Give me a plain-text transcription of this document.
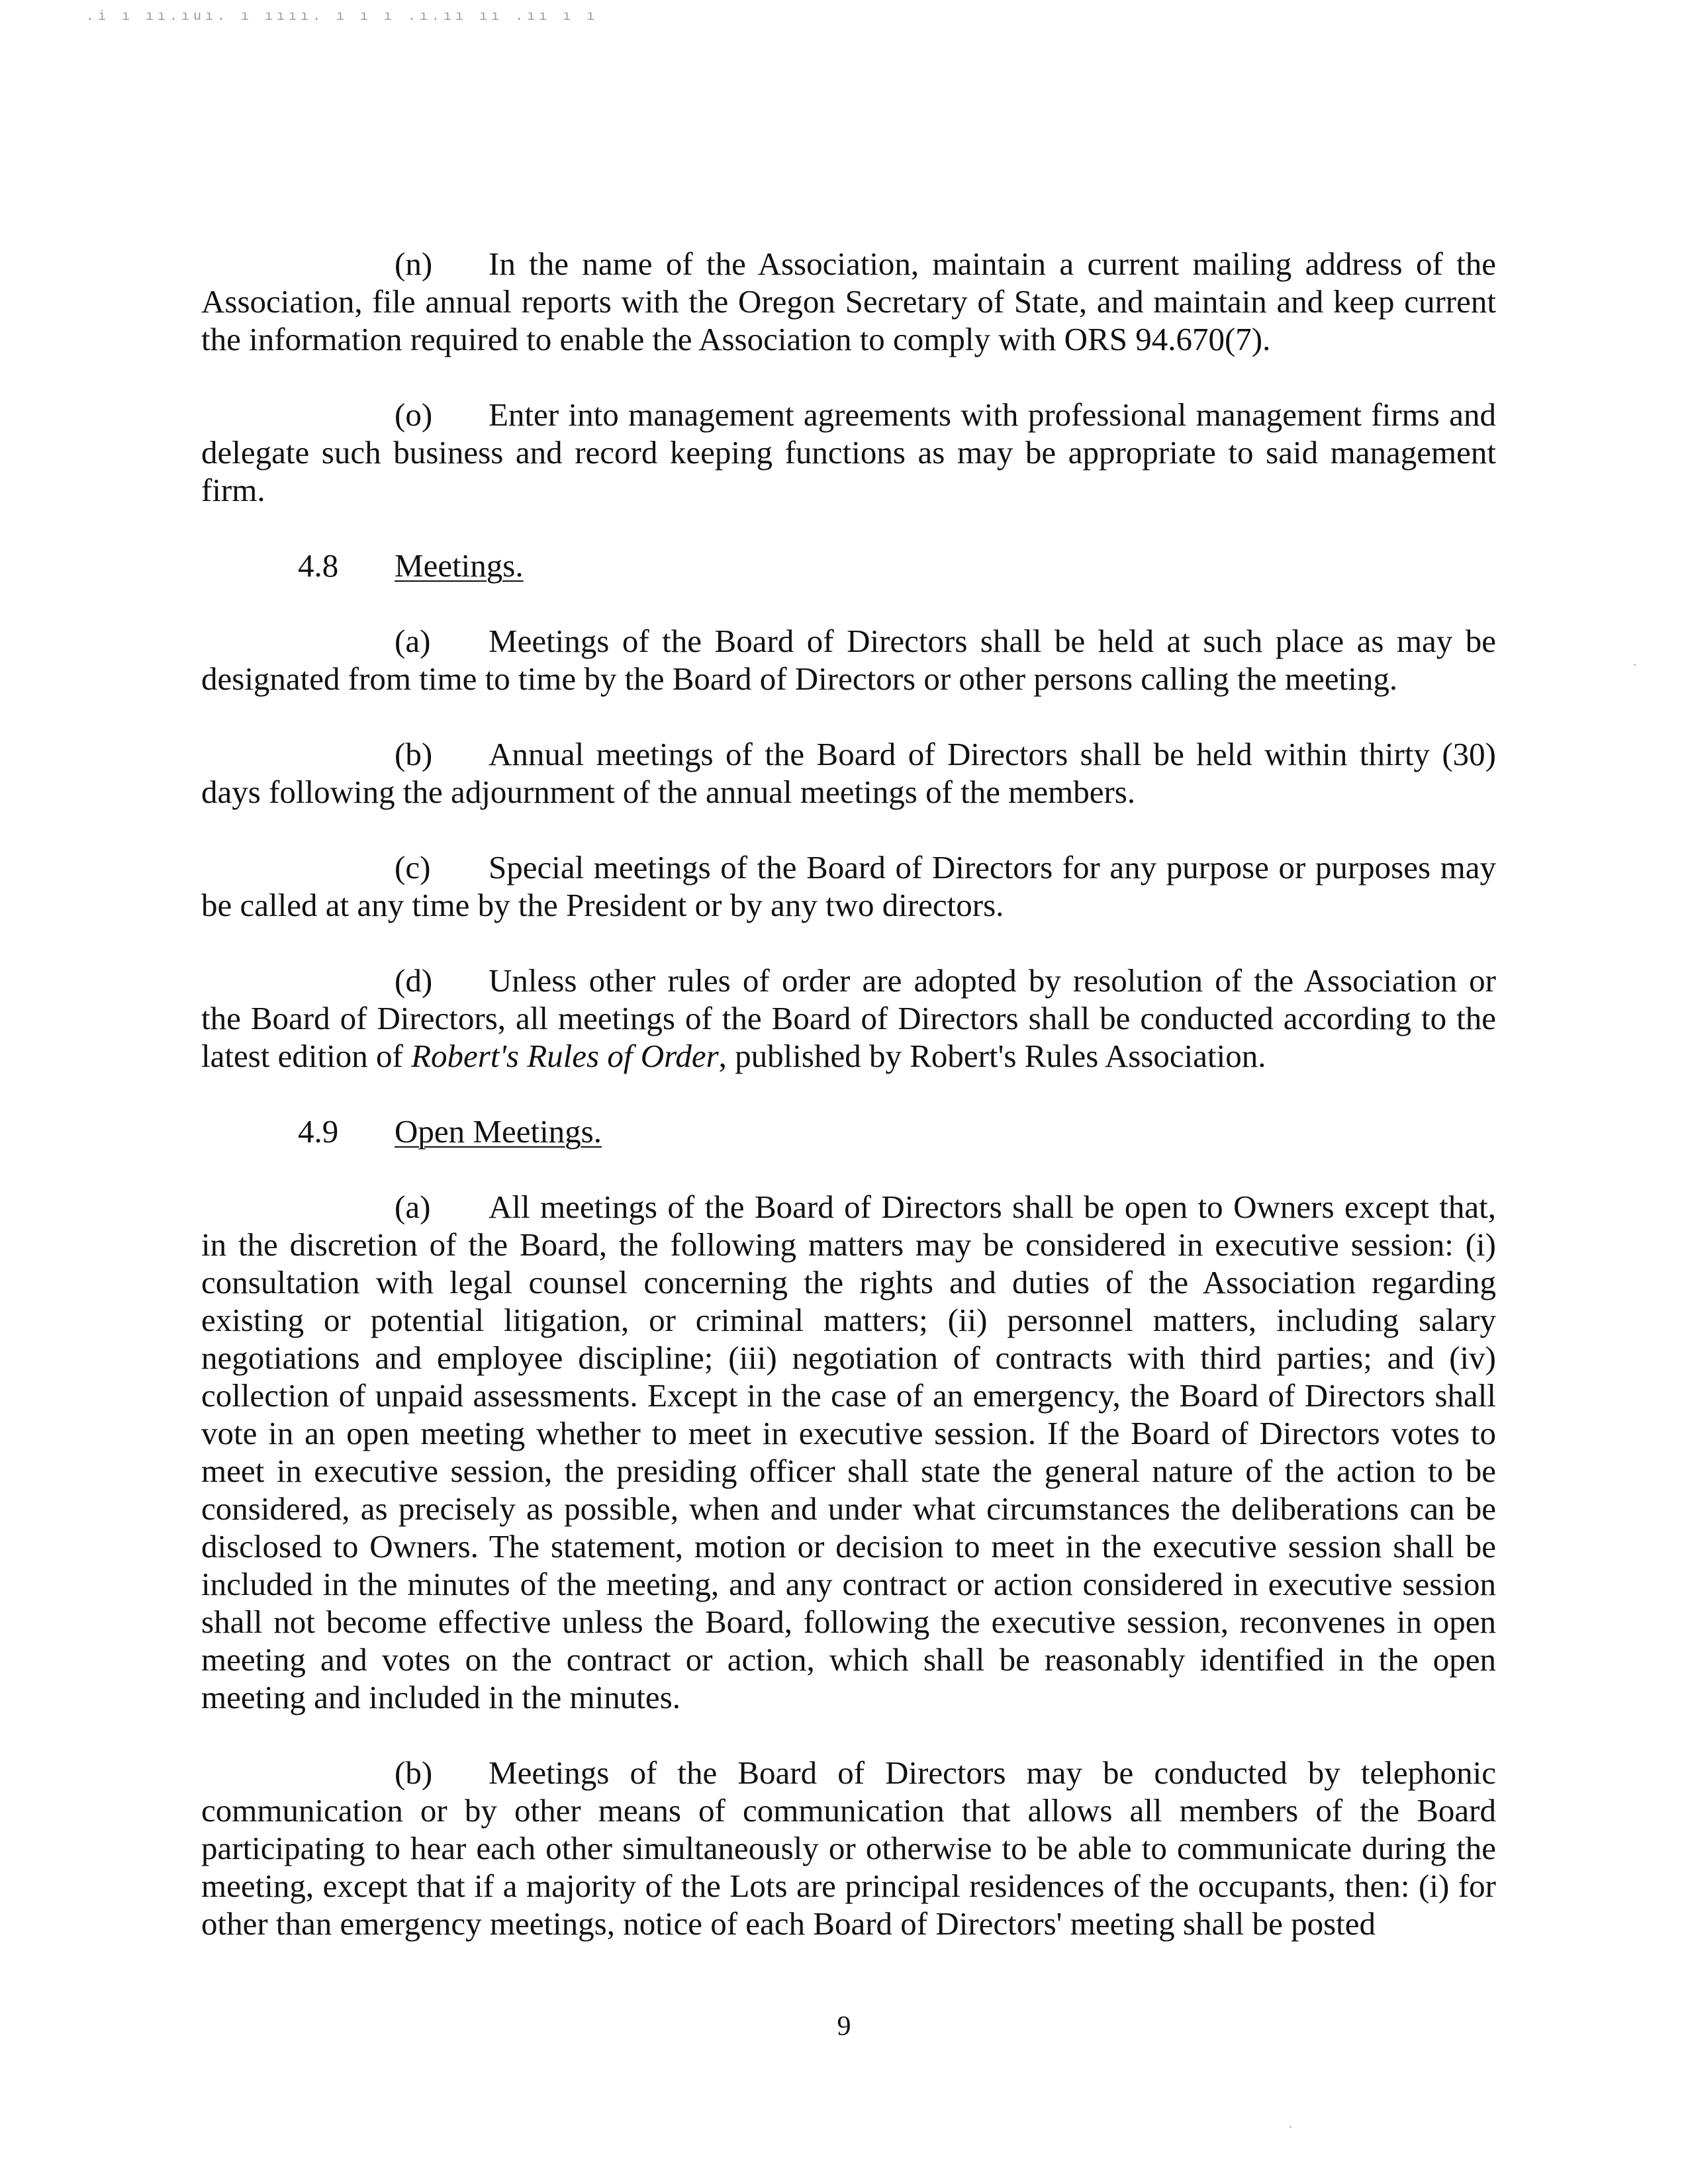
.i ı ıı.ıuı. ı ıııı. ı ı ı .ı.ıı ıı .ıı ı ı

(n) In the name of the Association, maintain a current mailing address of the Association, file annual reports with the Oregon Secretary of State, and maintain and keep current the information required to enable the Association to comply with ORS 94.670(7).

(o) Enter into management agreements with professional management firms and delegate such business and record keeping functions as may be appropriate to said management firm.

4.8 Meetings.

(a) Meetings of the Board of Directors shall be held at such place as may be designated from time to time by the Board of Directors or other persons calling the meeting.

(b) Annual meetings of the Board of Directors shall be held within thirty (30) days following the adjournment of the annual meetings of the members.

(c) Special meetings of the Board of Directors for any purpose or purposes may be called at any time by the President or by any two directors.

(d) Unless other rules of order are adopted by resolution of the Association or the Board of Directors, all meetings of the Board of Directors shall be conducted according to the latest edition of Robert's Rules of Order, published by Robert's Rules Association.

4.9 Open Meetings.

(a) All meetings of the Board of Directors shall be open to Owners except that, in the discretion of the Board, the following matters may be considered in executive session: (i) consultation with legal counsel concerning the rights and duties of the Association regarding existing or potential litigation, or criminal matters; (ii) personnel matters, including salary negotiations and employee discipline; (iii) negotiation of contracts with third parties; and (iv) collection of unpaid assessments. Except in the case of an emergency, the Board of Directors shall vote in an open meeting whether to meet in executive session. If the Board of Directors votes to meet in executive session, the presiding officer shall state the general nature of the action to be considered, as precisely as possible, when and under what circumstances the deliberations can be disclosed to Owners. The statement, motion or decision to meet in the executive session shall be included in the minutes of the meeting, and any contract or action considered in executive session shall not become effective unless the Board, following the executive session, reconvenes in open meeting and votes on the contract or action, which shall be reasonably identified in the open meeting and included in the minutes.

(b) Meetings of the Board of Directors may be conducted by telephonic communication or by other means of communication that allows all members of the Board participating to hear each other simultaneously or otherwise to be able to communicate during the meeting, except that if a majority of the Lots are principal residences of the occupants, then: (i) for other than emergency meetings, notice of each Board of Directors' meeting shall be posted

9
